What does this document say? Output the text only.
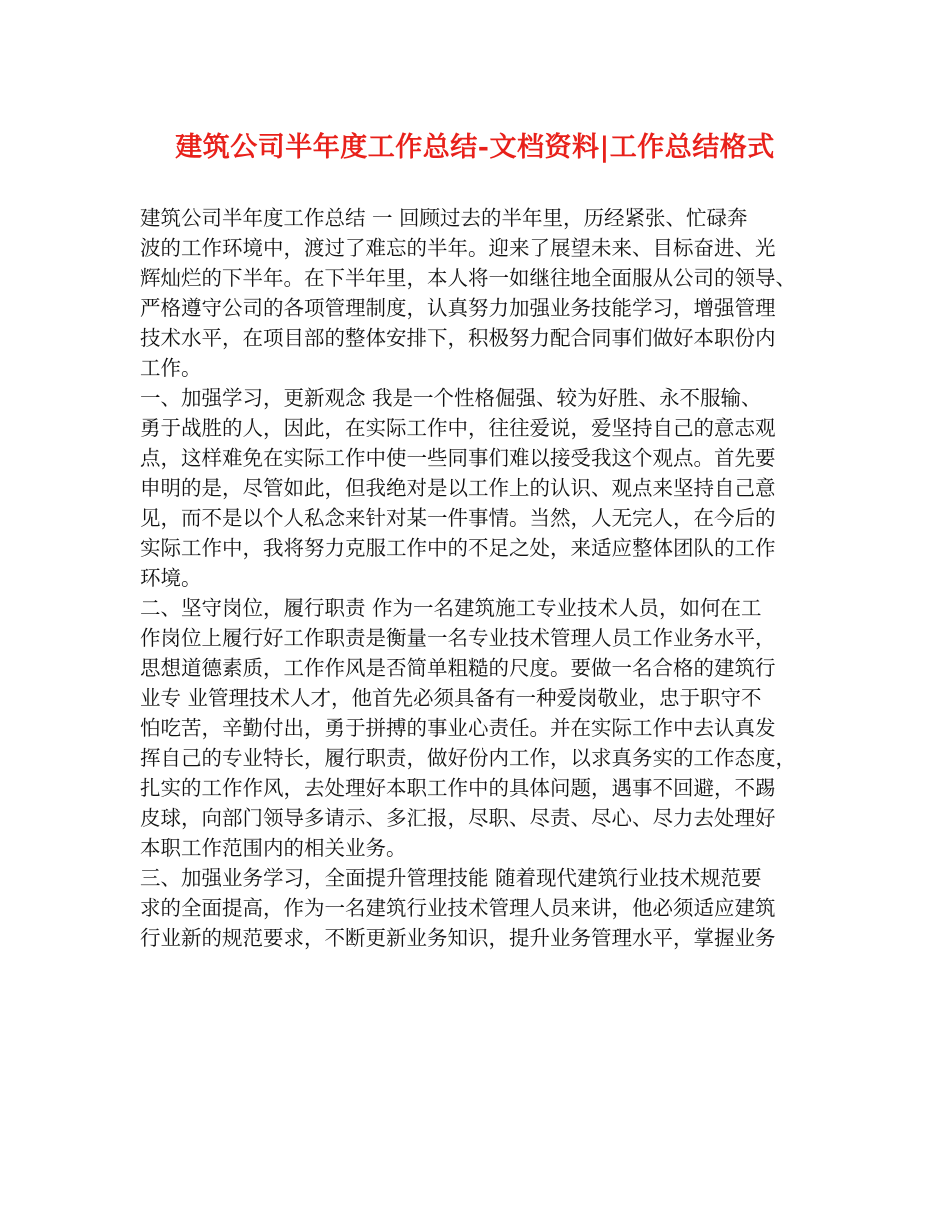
建筑公司半年度工作总结-文档资料|工作总结格式
建筑公司半年度工作总结 一 回顾过去的半年里，历经紧张、忙碌奔
波的工作环境中，渡过了难忘的半年。迎来了展望未来、目标奋进、光
辉灿烂的下半年。在下半年里，本人将一如继往地全面服从公司的领导、
严格遵守公司的各项管理制度，认真努力加强业务技能学习，增强管理
技术水平，在项目部的整体安排下，积极努力配合同事们做好本职份内
工作。
一、加强学习，更新观念 我是一个性格倔强、较为好胜、永不服输、
勇于战胜的人，因此，在实际工作中，往往爱说，爱坚持自己的意志观
点，这样难免在实际工作中使一些同事们难以接受我这个观点。首先要
申明的是，尽管如此，但我绝对是以工作上的认识、观点来坚持自己意
见，而不是以个人私念来针对某一件事情。当然，人无完人，在今后的
实际工作中，我将努力克服工作中的不足之处，来适应整体团队的工作
环境。
二、坚守岗位，履行职责 作为一名建筑施工专业技术人员，如何在工
作岗位上履行好工作职责是衡量一名专业技术管理人员工作业务水平，
思想道德素质，工作作风是否简单粗糙的尺度。要做一名合格的建筑行
业专 业管理技术人才，他首先必须具备有一种爱岗敬业，忠于职守不
怕吃苦，辛勤付出，勇于拼搏的事业心责任。并在实际工作中去认真发
挥自己的专业特长，履行职责，做好份内工作，以求真务实的工作态度，
扎实的工作作风，去处理好本职工作中的具体问题，遇事不回避，不踢
皮球，向部门领导多请示、多汇报，尽职、尽责、尽心、尽力去处理好
本职工作范围内的相关业务。
三、加强业务学习，全面提升管理技能 随着现代建筑行业技术规范要
求的全面提高，作为一名建筑行业技术管理人员来讲，他必须适应建筑
行业新的规范要求，不断更新业务知识，提升业务管理水平，掌握业务
